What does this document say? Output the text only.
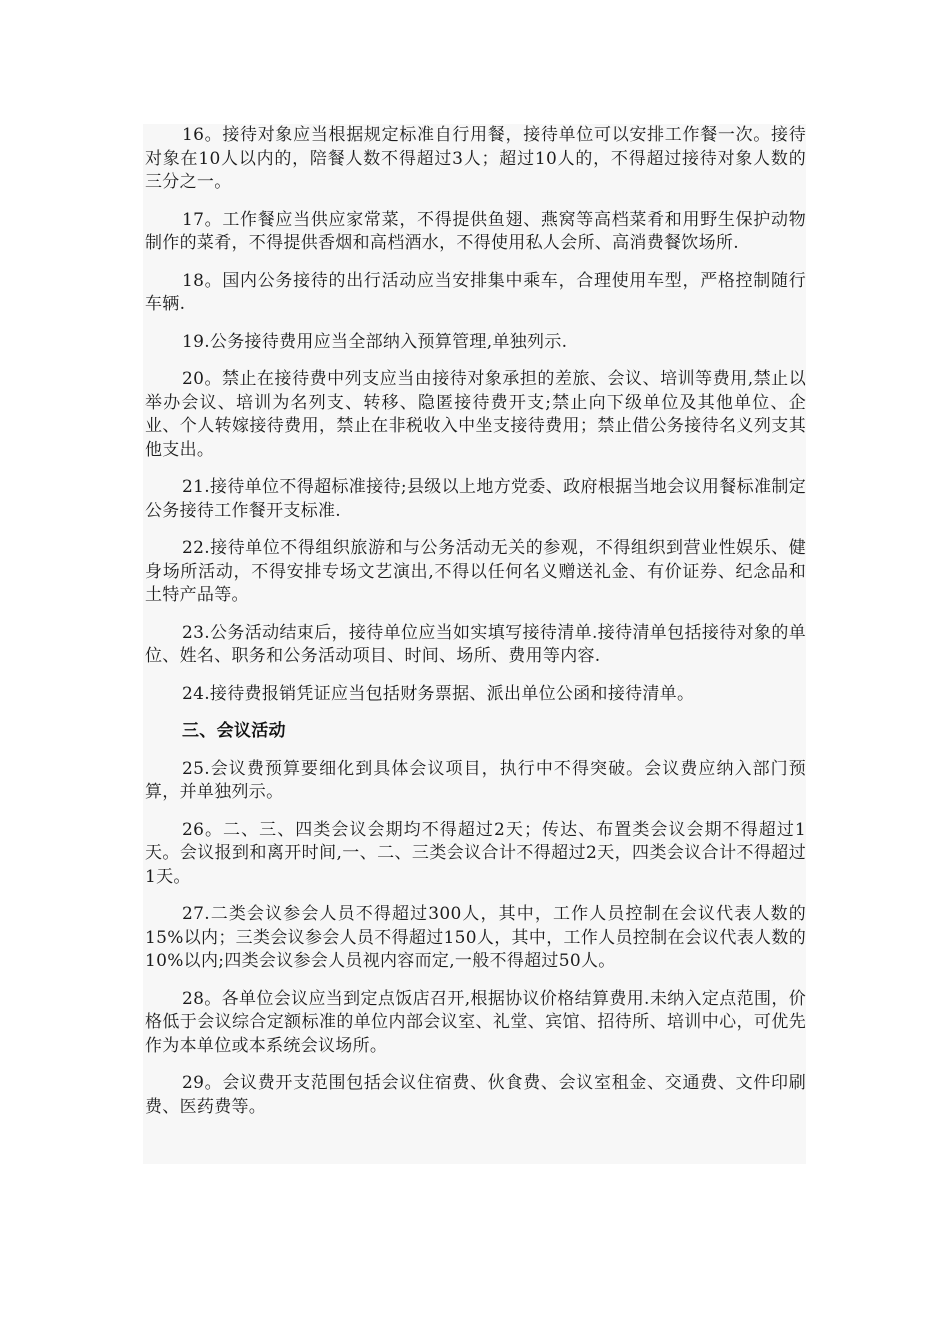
16。接待对象应当根据规定标准自行用餐，接待单位可以安排工作餐一次。接待对象在10人以内的，陪餐人数不得超过3人；超过10人的，不得超过接待对象人数的三分之一。

17。工作餐应当供应家常菜，不得提供鱼翅、燕窝等高档菜肴和用野生保护动物制作的菜肴，不得提供香烟和高档酒水，不得使用私人会所、高消费餐饮场所.

18。国内公务接待的出行活动应当安排集中乘车，合理使用车型，严格控制随行车辆.

19.公务接待费用应当全部纳入预算管理,单独列示.

20。禁止在接待费中列支应当由接待对象承担的差旅、会议、培训等费用,禁止以举办会议、培训为名列支、转移、隐匿接待费开支;禁止向下级单位及其他单位、企业、个人转嫁接待费用，禁止在非税收入中坐支接待费用；禁止借公务接待名义列支其他支出。

21.接待单位不得超标准接待;县级以上地方党委、政府根据当地会议用餐标准制定公务接待工作餐开支标准.

22.接待单位不得组织旅游和与公务活动无关的参观，不得组织到营业性娱乐、健身场所活动，不得安排专场文艺演出,不得以任何名义赠送礼金、有价证券、纪念品和土特产品等。

23.公务活动结束后，接待单位应当如实填写接待清单.接待清单包括接待对象的单位、姓名、职务和公务活动项目、时间、场所、费用等内容.

24.接待费报销凭证应当包括财务票据、派出单位公函和接待清单。

三、会议活动

25.会议费预算要细化到具体会议项目，执行中不得突破。会议费应纳入部门预算，并单独列示。

26。二、三、四类会议会期均不得超过2天；传达、布置类会议会期不得超过1天。会议报到和离开时间,一、二、三类会议合计不得超过2天，四类会议合计不得超过1天。

27.二类会议参会人员不得超过300人，其中，工作人员控制在会议代表人数的15%以内；三类会议参会人员不得超过150人，其中，工作人员控制在会议代表人数的10%以内;四类会议参会人员视内容而定,一般不得超过50人。

28。各单位会议应当到定点饭店召开,根据协议价格结算费用.未纳入定点范围，价格低于会议综合定额标准的单位内部会议室、礼堂、宾馆、招待所、培训中心，可优先作为本单位或本系统会议场所。

29。会议费开支范围包括会议住宿费、伙食费、会议室租金、交通费、文件印刷费、医药费等。
